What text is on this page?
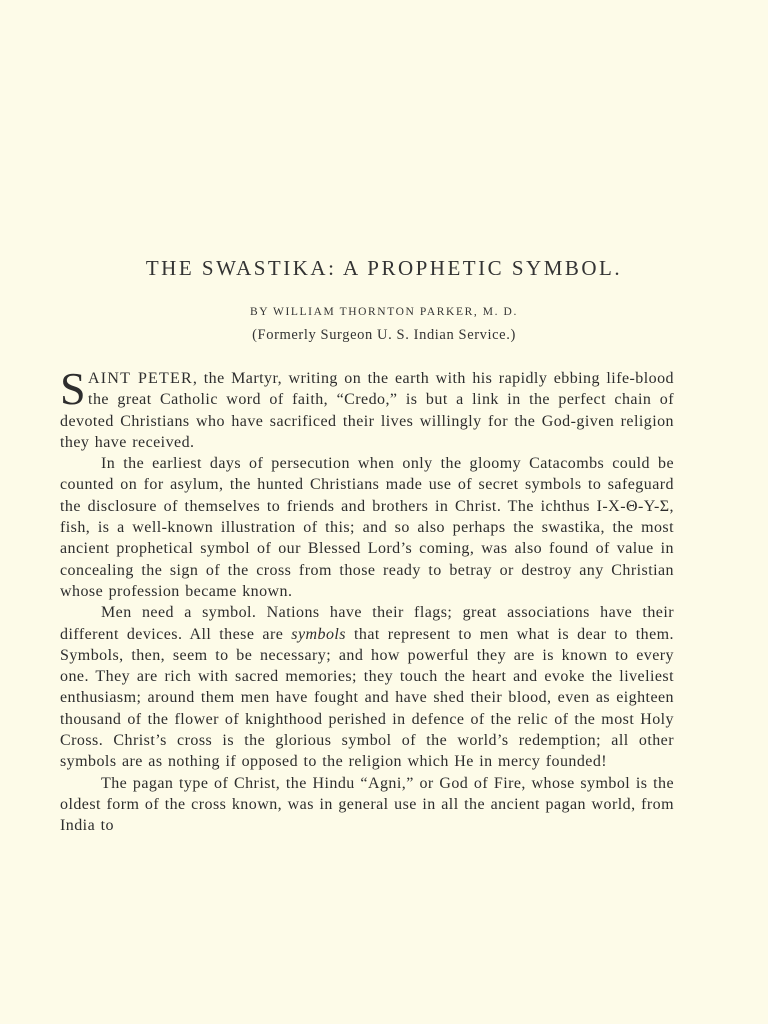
THE SWASTIKA: A PROPHETIC SYMBOL.
BY WILLIAM THORNTON PARKER, M. D.
(Formerly Surgeon U. S. Indian Service.)

SAINT PETER, the Martyr, writing on the earth with his rapidly ebbing life-blood the great Catholic word of faith, “Credo,” is but a link in the perfect chain of devoted Christians who have sacrificed their lives willingly for the God-given religion they have received.

In the earliest days of persecution when only the gloomy Catacombs could be counted on for asylum, the hunted Christians made use of secret symbols to safeguard the disclosure of themselves to friends and brothers in Christ. The ichthus Ι-Χ-Θ-Υ-Σ, fish, is a well-known illustration of this; and so also perhaps the swastika, the most ancient prophetical symbol of our Blessed Lord’s coming, was also found of value in concealing the sign of the cross from those ready to betray or destroy any Christian whose profession became known.

Men need a symbol. Nations have their flags; great associations have their different devices. All these are symbols that represent to men what is dear to them. Symbols, then, seem to be necessary; and how powerful they are is known to every one. They are rich with sacred memories; they touch the heart and evoke the liveliest enthusiasm; around them men have fought and have shed their blood, even as eighteen thousand of the flower of knighthood perished in defence of the relic of the most Holy Cross. Christ’s cross is the glorious symbol of the world’s redemption; all other symbols are as nothing if opposed to the religion which He in mercy founded!

The pagan type of Christ, the Hindu “Agni,” or God of Fire, whose symbol is the oldest form of the cross known, was in general use in all the ancient pagan world, from India to
